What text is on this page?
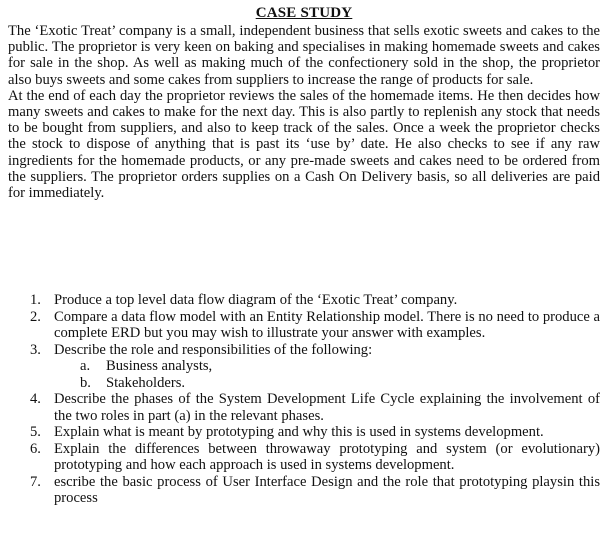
CASE STUDY

The ‘Exotic Treat’ company is a small, independent business that sells exotic sweets and cakes to the public. The proprietor is very keen on baking and specialises in making homemade sweets and cakes for sale in the shop. As well as making much of the confectionery sold in the shop, the proprietor also buys sweets and some cakes from suppliers to increase the range of products for sale.

At the end of each day the proprietor reviews the sales of the homemade items. He then decides how many sweets and cakes to make for the next day. This is also partly to replenish any stock that needs to be bought from suppliers, and also to keep track of the sales. Once a week the proprietor checks the stock to dispose of anything that is past its ‘use by’ date. He also checks to see if any raw ingredients for the homemade products, or any pre-made sweets and cakes need to be ordered from the suppliers. The proprietor orders supplies on a Cash On Delivery basis, so all deliveries are paid for immediately.

1. Produce a top level data flow diagram of the ‘Exotic Treat’ company.
2. Compare a data flow model with an Entity Relationship model. There is no need to produce a complete ERD but you may wish to illustrate your answer with examples.
3. Describe the role and responsibilities of the following:
a. Business analysts,
b. Stakeholders.
4. Describe the phases of the System Development Life Cycle explaining the involvement of the two roles in part (a) in the relevant phases.
5. Explain what is meant by prototyping and why this is used in systems development.
6. Explain the differences between throwaway prototyping and system (or evolutionary) prototyping and how each approach is used in systems development.
7. escribe the basic process of User Interface Design and the role that prototyping playsin this process
